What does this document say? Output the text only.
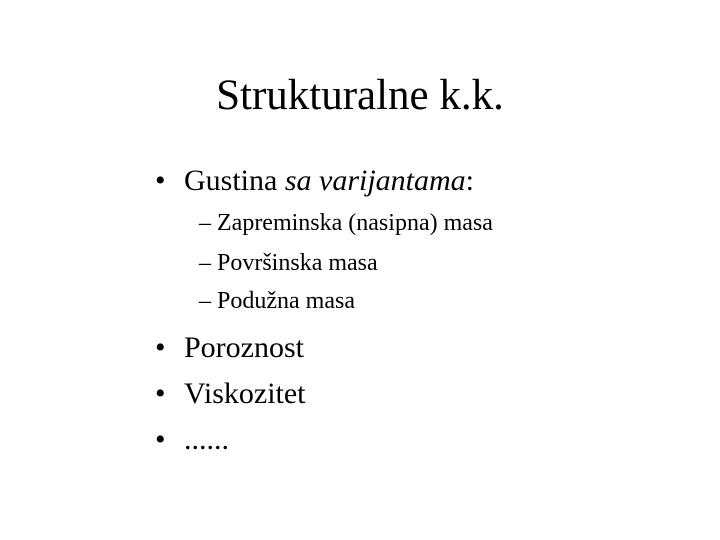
Strukturalne k.k.
• Gustina sa varijantama:
– Zapreminska (nasipna) masa
– Površinska masa
– Podužna masa
• Poroznost
• Viskozitet
• ......
